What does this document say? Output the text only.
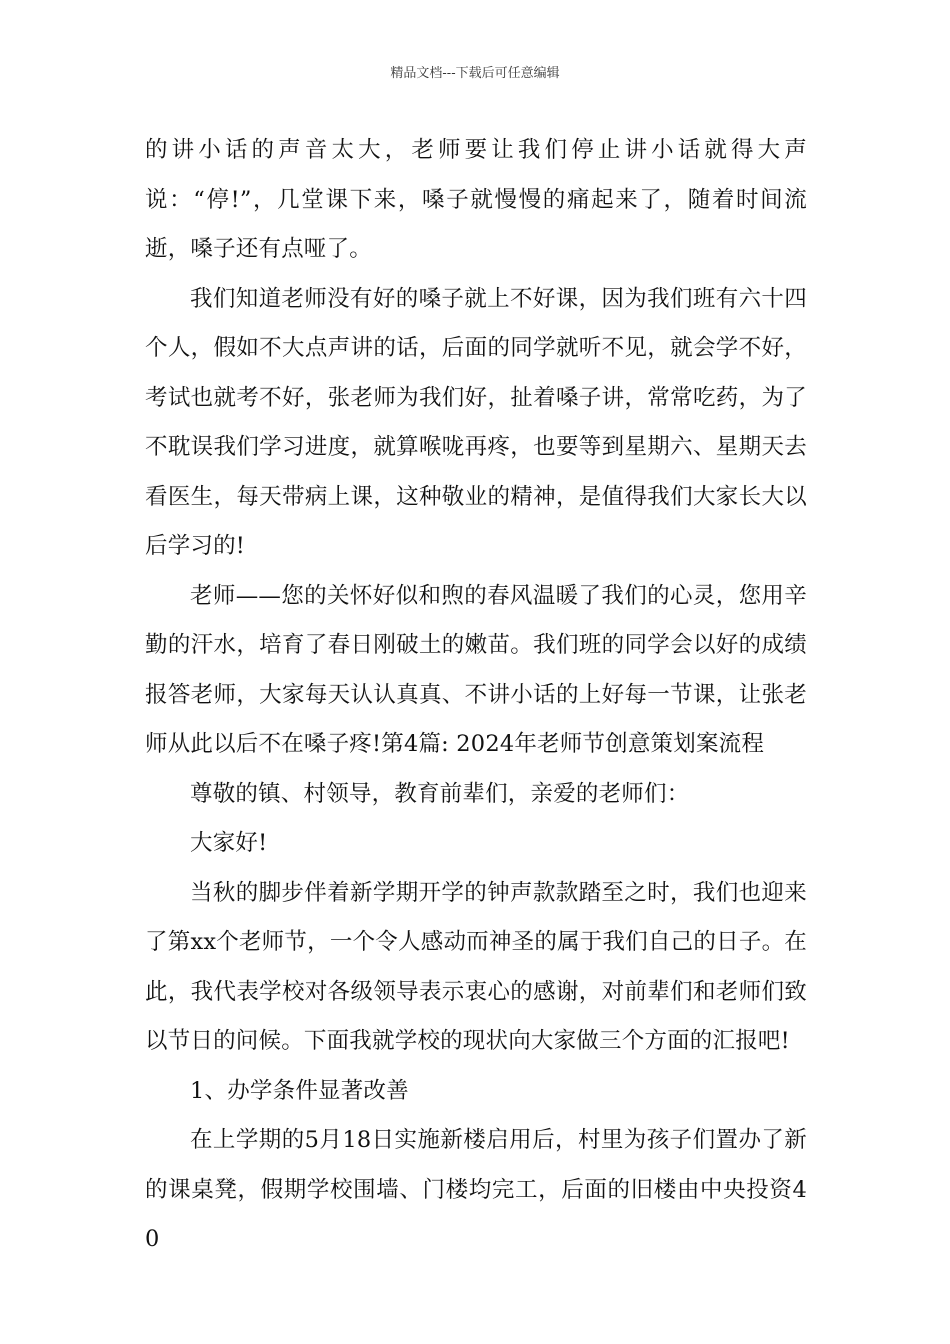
精品文档---下载后可任意编辑

的讲小话的声音太大，老师要让我们停止讲小话就得大声说：“停!”，几堂课下来，嗓子就慢慢的痛起来了，随着时间流逝，嗓子还有点哑了。

我们知道老师没有好的嗓子就上不好课，因为我们班有六十四个人，假如不大点声讲的话，后面的同学就听不见，就会学不好，考试也就考不好，张老师为我们好，扯着嗓子讲，常常吃药，为了不耽误我们学习进度，就算喉咙再疼，也要等到星期六、星期天去看医生，每天带病上课，这种敬业的精神，是值得我们大家长大以后学习的!

老师——您的关怀好似和煦的春风温暖了我们的心灵，您用辛勤的汗水，培育了春日刚破土的嫩苗。我们班的同学会以好的成绩报答老师，大家每天认认真真、不讲小话的上好每一节课，让张老师从此以后不在嗓子疼!第4篇: 2024年老师节创意策划案流程

尊敬的镇、村领导，教育前辈们，亲爱的老师们：

大家好!

当秋的脚步伴着新学期开学的钟声款款踏至之时，我们也迎来了第xx个老师节，一个令人感动而神圣的属于我们自己的日子。在此，我代表学校对各级领导表示衷心的感谢，对前辈们和老师们致以节日的问候。下面我就学校的现状向大家做三个方面的汇报吧!

1、办学条件显著改善

在上学期的5月18日实施新楼启用后，村里为孩子们置办了新的课桌凳，假期学校围墙、门楼均完工，后面的旧楼由中央投资40
